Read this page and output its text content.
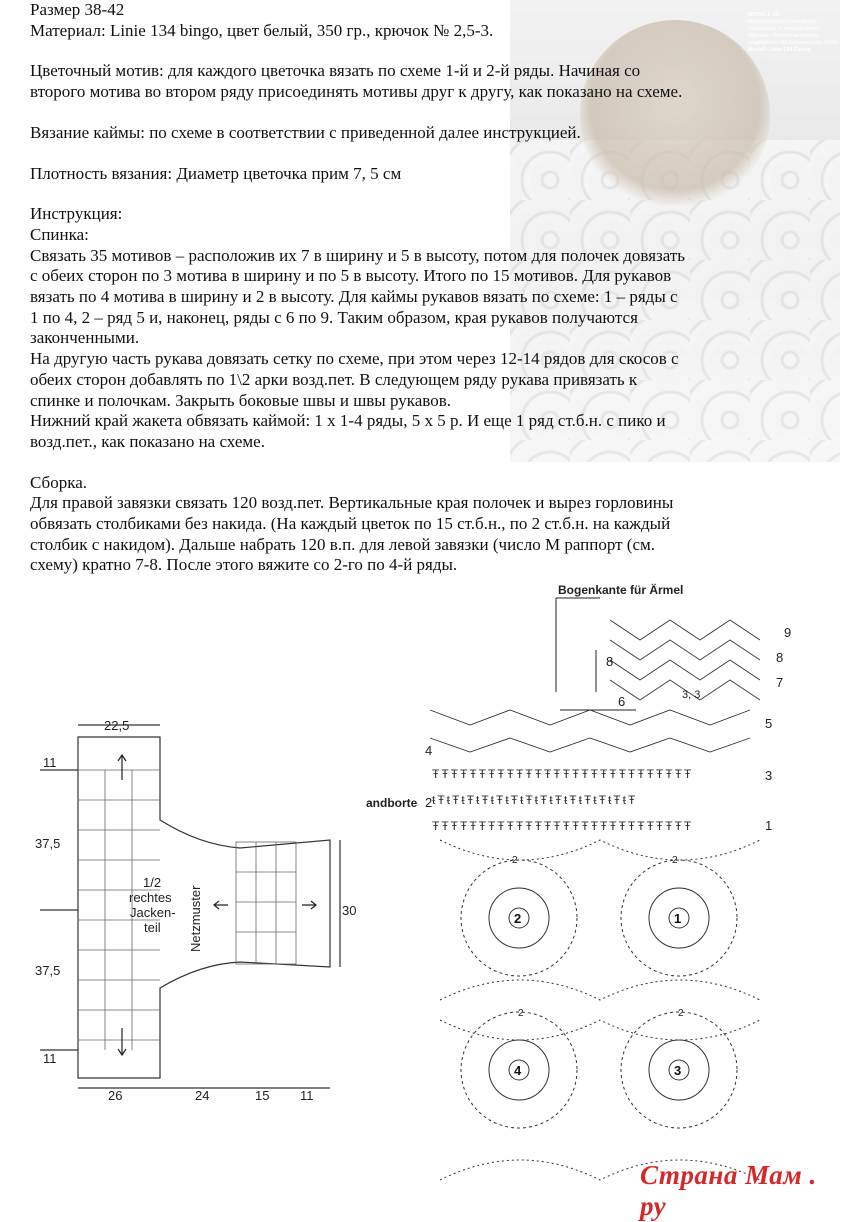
MODELL 14
Wunderschöne romantische Häkeljacke, in verschiedenen filigranen Mustern aufwändig gearbeitet in der Sommerfarbe Weiß.
Modell: Linie 134 Candy

Размер 38-42

Материал: Linie 134 bingo, цвет белый, 350 гр., крючок № 2,5-3.

Цветочный мотив: для каждого цветочка вязать по схеме 1-й и 2-й ряды. Начиная со

второго мотива во втором ряду присоединять мотивы друг к другу, как показано на схеме.

Вязание каймы: по схеме в соответствии с приведенной далее инструкцией.

Плотность вязания: Диаметр цветочка прим 7, 5 см

Инструкция:

Спинка:

Связать 35 мотивов – расположив их 7 в ширину и 5 в высоту, потом для полочек довязать

с обеих сторон по 3 мотива в ширину и по 5 в высоту. Итого по 15 мотивов. Для рукавов

вязать по 4 мотива в ширину и 2 в высоту. Для каймы рукавов вязать по схеме: 1 – ряды с

1 по 4, 2 – ряд 5 и, наконец, ряды с 6 по 9. Таким образом, края рукавов получаются

законченными.

На другую часть рукава довязать сетку по схеме, при этом через 12-14 рядов для скосов с

обеих сторон добавлять по 1\2 арки возд.пет. В следующем ряду рукава привязать к

спинке и полочкам. Закрыть боковые швы и швы рукавов.

Нижний край жакета обвязать каймой: 1 х 1-4 ряды, 5 х 5 р. И еще 1 ряд ст.б.н. с пико и

возд.пет., как показано на схеме.

Сборка.

Для правой завязки связать 120 возд.пет. Вертикальные края полочек и вырез горловины

обвязать столбиками без накида. (На каждый цветок по 15 ст.б.н., по 2 ст.б.н. на каждый

столбик с накидом). Дальше набрать 120 в.п. для левой завязки (число М раппорт (см.

схему) кратно 7-8. После этого вяжите со 2-го по 4-й ряды.

22,5
11
37,5
37,5
11
1/2
rechtes
Jacken-
teil Netzmuster	30
26	24	15 11
Bogenkante für Ärmel
8
6	3, 3
ŦŦŦŦŦŦŦŦŦŦŦŦŦŦŦŦŦŦŦŦŦŦŦŦŦŦŦŦ
ŧŦŧŦŧŦŧŦŧŦŧŦŧŦŧŦŧŦŧŦŧŦŧŦŧŦŧŦ
ŦŦŦŦŦŦŦŦŦŦŦŦŦŦŦŦŦŦŦŦŦŦŦŦŦŦŦŦ
9
8
7
5
4
3
andborte 2
1
2	1
4	3
2	2
2	2
Страна Мам . ру
